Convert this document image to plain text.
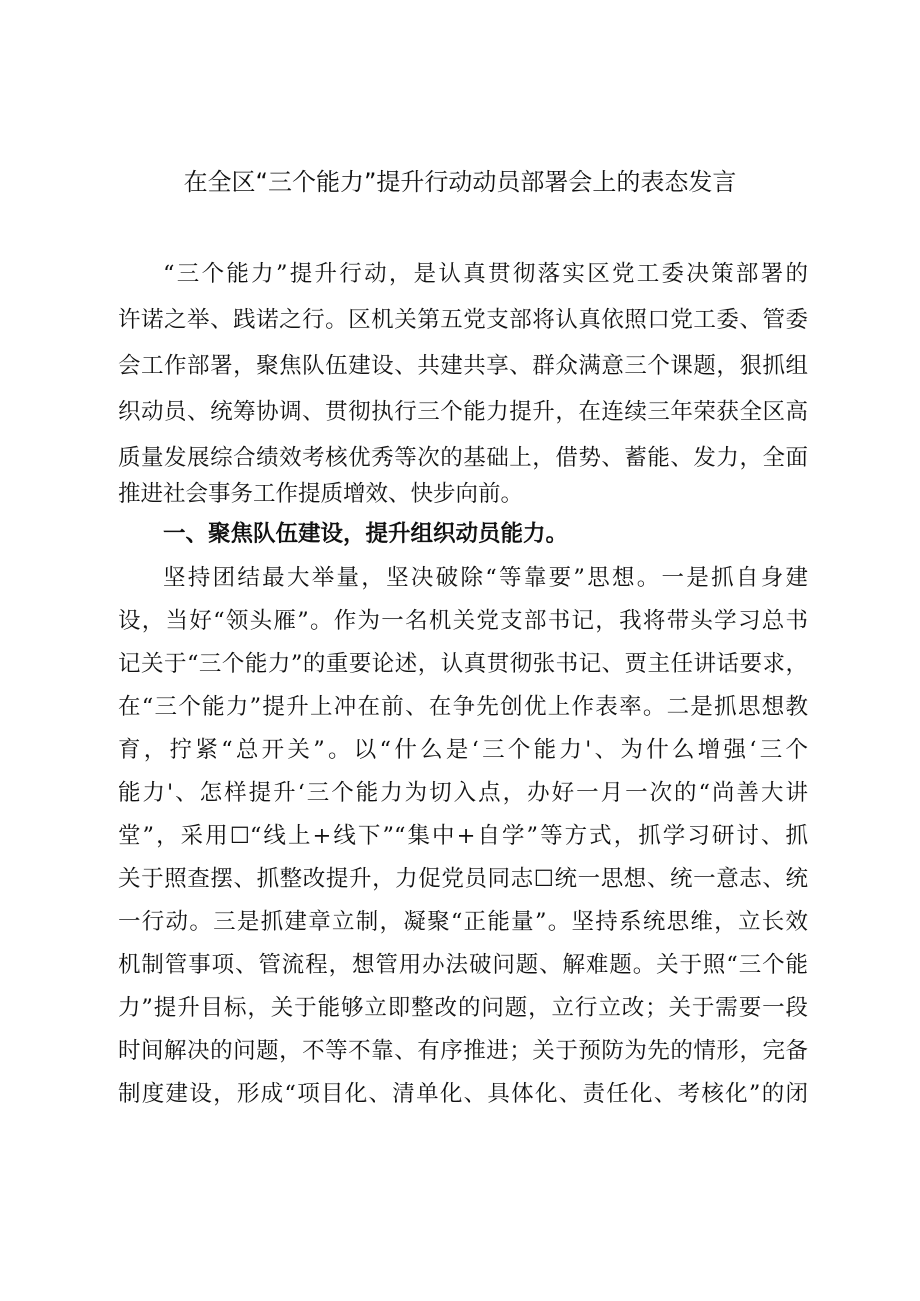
在全区“三个能力”提升行动动员部署会上的表态发言

“三个能力”提升行动，是认真贯彻落实区党工委决策部署的

许诺之举、践诺之行。区机关第五党支部将认真依照口党工委、管委

会工作部署，聚焦队伍建设、共建共享、群众满意三个课题，狠抓组

织动员、统筹协调、贯彻执行三个能力提升，在连续三年荣获全区高

质量发展综合绩效考核优秀等次的基础上，借势、蓄能、发力，全面

推进社会事务工作提质增效、快步向前。

一、聚焦队伍建设，提升组织动员能力。

坚持团结最大举量，坚决破除“等靠要”思想。一是抓自身建

设，当好“领头雁”。作为一名机关党支部书记，我将带头学习总书

记关于“三个能力”的重要论述，认真贯彻张书记、贾主任讲话要求，

在“三个能力”提升上冲在前、在争先创优上作表率。二是抓思想教

育，拧紧“总开关”。以“什么是‘三个能力'、为什么增强‘三个

能力'、怎样提升‘三个能力为切入点，办好一月一次的“尚善大讲

堂”，采用☐“线上+线下”“集中+自学”等方式，抓学习研讨、抓

关于照查摆、抓整改提升，力促党员同志☐统一思想、统一意志、统

一行动。三是抓建章立制，凝聚“正能量”。坚持系统思维，立长效

机制管事项、管流程，想管用办法破问题、解难题。关于照“三个能

力”提升目标，关于能够立即整改的问题，立行立改；关于需要一段

时间解决的问题，不等不靠、有序推进；关于预防为先的情形，完备

制度建设，形成“项目化、清单化、具体化、责任化、考核化”的闭
